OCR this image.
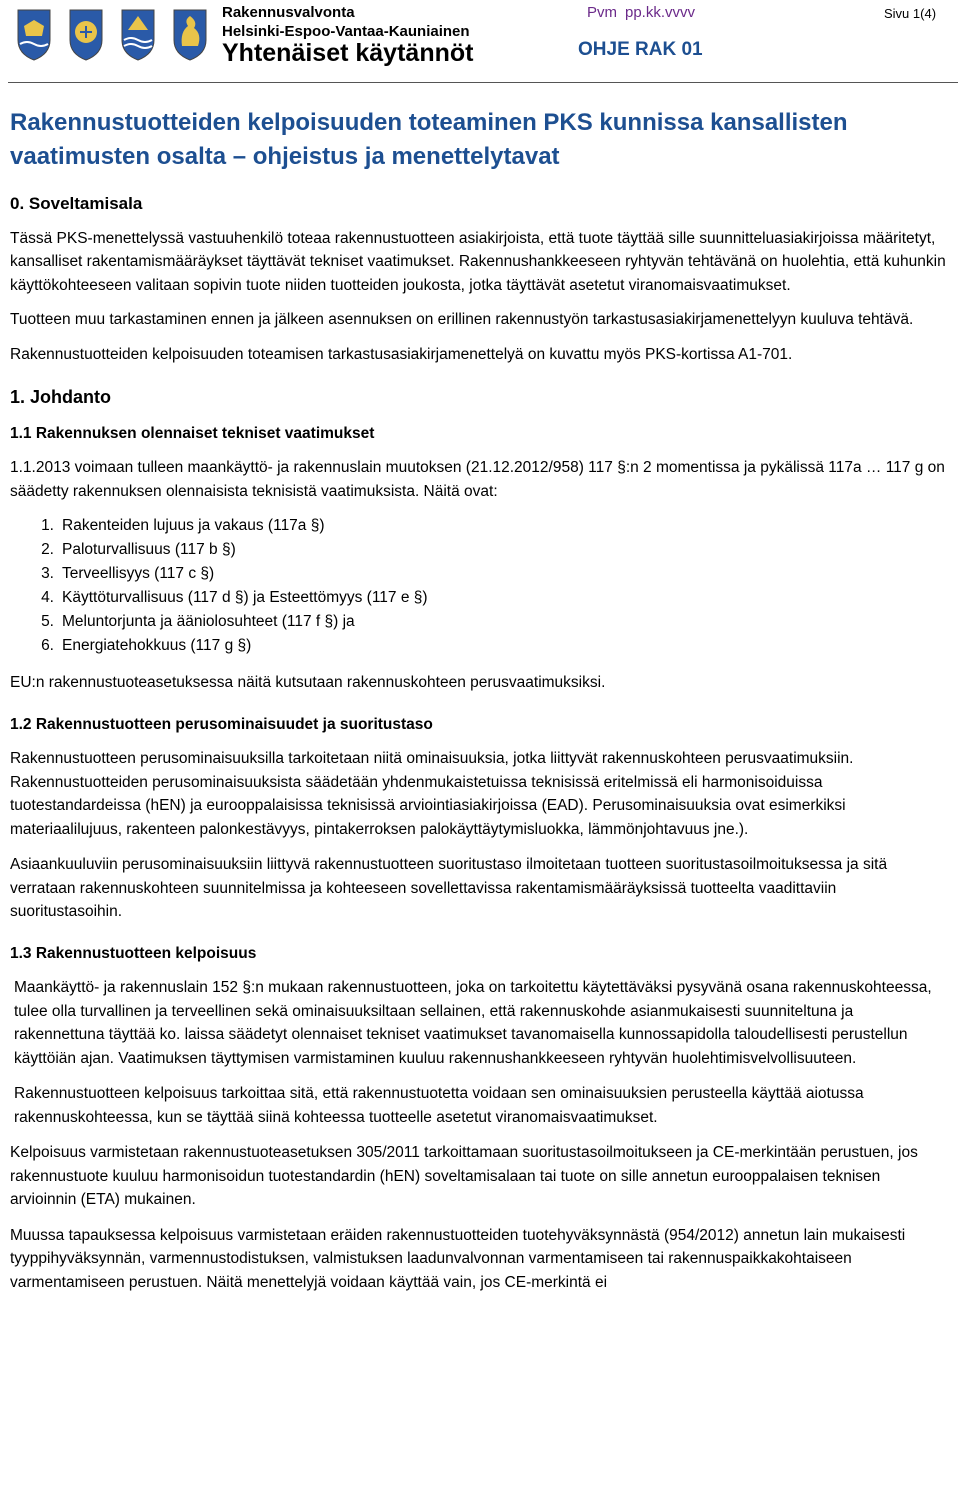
Rakennusvalvonta
Helsinki-Espoo-Vantaa-Kauniainen
Yhtenäiset käytännöt
Pvm pp.kk.vvvv
OHJE RAK 01
Sivu 1(4)
Rakennustuotteiden kelpoisuuden toteaminen PKS kunnissa kansallisten vaatimusten osalta – ohjeistus ja menettelytavat
0. Soveltamisala

Tässä PKS-menettelyssä vastuuhenkilö toteaa rakennustuotteen asiakirjoista, että tuote täyttää sille suunnitteluasiakirjoissa määritetyt, kansalliset rakentamismääräykset täyttävät tekniset vaatimukset. Rakennushankkeeseen ryhtyvän tehtävänä on huolehtia, että kuhunkin käyttökohteeseen valitaan sopivin tuote niiden tuotteiden joukosta, jotka täyttävät asetetut viranomaisvaatimukset.

Tuotteen muu tarkastaminen ennen ja jälkeen asennuksen on erillinen rakennustyön tarkastusasiakirjamenettelyyn kuuluva tehtävä.

Rakennustuotteiden kelpoisuuden toteamisen tarkastusasiakirjamenettelyä on kuvattu myös PKS-kortissa A1-701.

1. Johdanto
1.1 Rakennuksen olennaiset tekniset vaatimukset

1.1.2013 voimaan tulleen maankäyttö- ja rakennuslain muutoksen (21.12.2012/958) 117 §:n 2 momentissa ja pykälissä 117a … 117 g on säädetty rakennuksen olennaisista teknisistä vaatimuksista. Näitä ovat:

1. Rakenteiden lujuus ja vakaus (117a §)
2. Paloturvallisuus (117 b §)
3. Terveellisyys (117 c §)
4. Käyttöturvallisuus (117 d §) ja Esteettömyys (117 e §)
5. Meluntorjunta ja ääniolosuhteet (117 f §) ja
6. Energiatehokkuus (117 g §)

EU:n rakennustuoteasetuksessa näitä kutsutaan rakennuskohteen perusvaatimuksiksi.

1.2 Rakennustuotteen perusominaisuudet ja suoritustaso

Rakennustuotteen perusominaisuuksilla tarkoitetaan niitä ominaisuuksia, jotka liittyvät rakennuskohteen perusvaatimuksiin. Rakennustuotteiden perusominaisuuksista säädetään yhdenmukaistetuissa teknisissä eritelmissä eli harmonisoiduissa tuotestandardeissa (hEN) ja eurooppalaisissa teknisissä arviointiasiakirjoissa (EAD). Perusominaisuuksia ovat esimerkiksi materiaalilujuus, rakenteen palonkestävyys, pintakerroksen palokäyttäytymisluokka, lämmönjohtavuus jne.).

Asiaankuuluviin perusominaisuuksiin liittyvä rakennustuotteen suoritustaso ilmoitetaan tuotteen suoritustasoilmoituksessa ja sitä verrataan rakennuskohteen suunnitelmissa ja kohteeseen sovellettavissa rakentamismääräyksissä tuotteelta vaadittaviin suoritustasoihin.

1.3 Rakennustuotteen kelpoisuus

Maankäyttö- ja rakennuslain 152 §:n mukaan rakennustuotteen, joka on tarkoitettu käytettäväksi pysyvänä osana rakennuskohteessa, tulee olla turvallinen ja terveellinen sekä ominaisuuksiltaan sellainen, että rakennuskohde asianmukaisesti suunniteltuna ja rakennettuna täyttää ko. laissa säädetyt olennaiset tekniset vaatimukset tavanomaisella kunnossapidolla taloudellisesti perustellun käyttöiän ajan. Vaatimuksen täyttymisen varmistaminen kuuluu rakennushankkeeseen ryhtyvän huolehtimisvelvollisuuteen.

Rakennustuotteen kelpoisuus tarkoittaa sitä, että rakennustuotetta voidaan sen ominaisuuksien perusteella käyttää aiotussa rakennuskohteessa, kun se täyttää siinä kohteessa tuotteelle asetetut viranomaisvaatimukset.

Kelpoisuus varmistetaan rakennustuoteasetuksen 305/2011 tarkoittamaan suoritustasoilmoitukseen ja CE-merkintään perustuen, jos rakennustuote kuuluu harmonisoidun tuotestandardin (hEN) soveltamisalaan tai tuote on sille annetun eurooppalaisen teknisen arvioinnin (ETA) mukainen.

Muussa tapauksessa kelpoisuus varmistetaan eräiden rakennustuotteiden tuotehyväksynnästä (954/2012) annetun lain mukaisesti tyyppihyväksynnän, varmennustodistuksen, valmistuksen laadunvalvonnan varmentamiseen tai rakennuspaikkakohtaiseen varmentamiseen perustuen. Näitä menettelyjä voidaan käyttää vain, jos CE-merkintä ei
